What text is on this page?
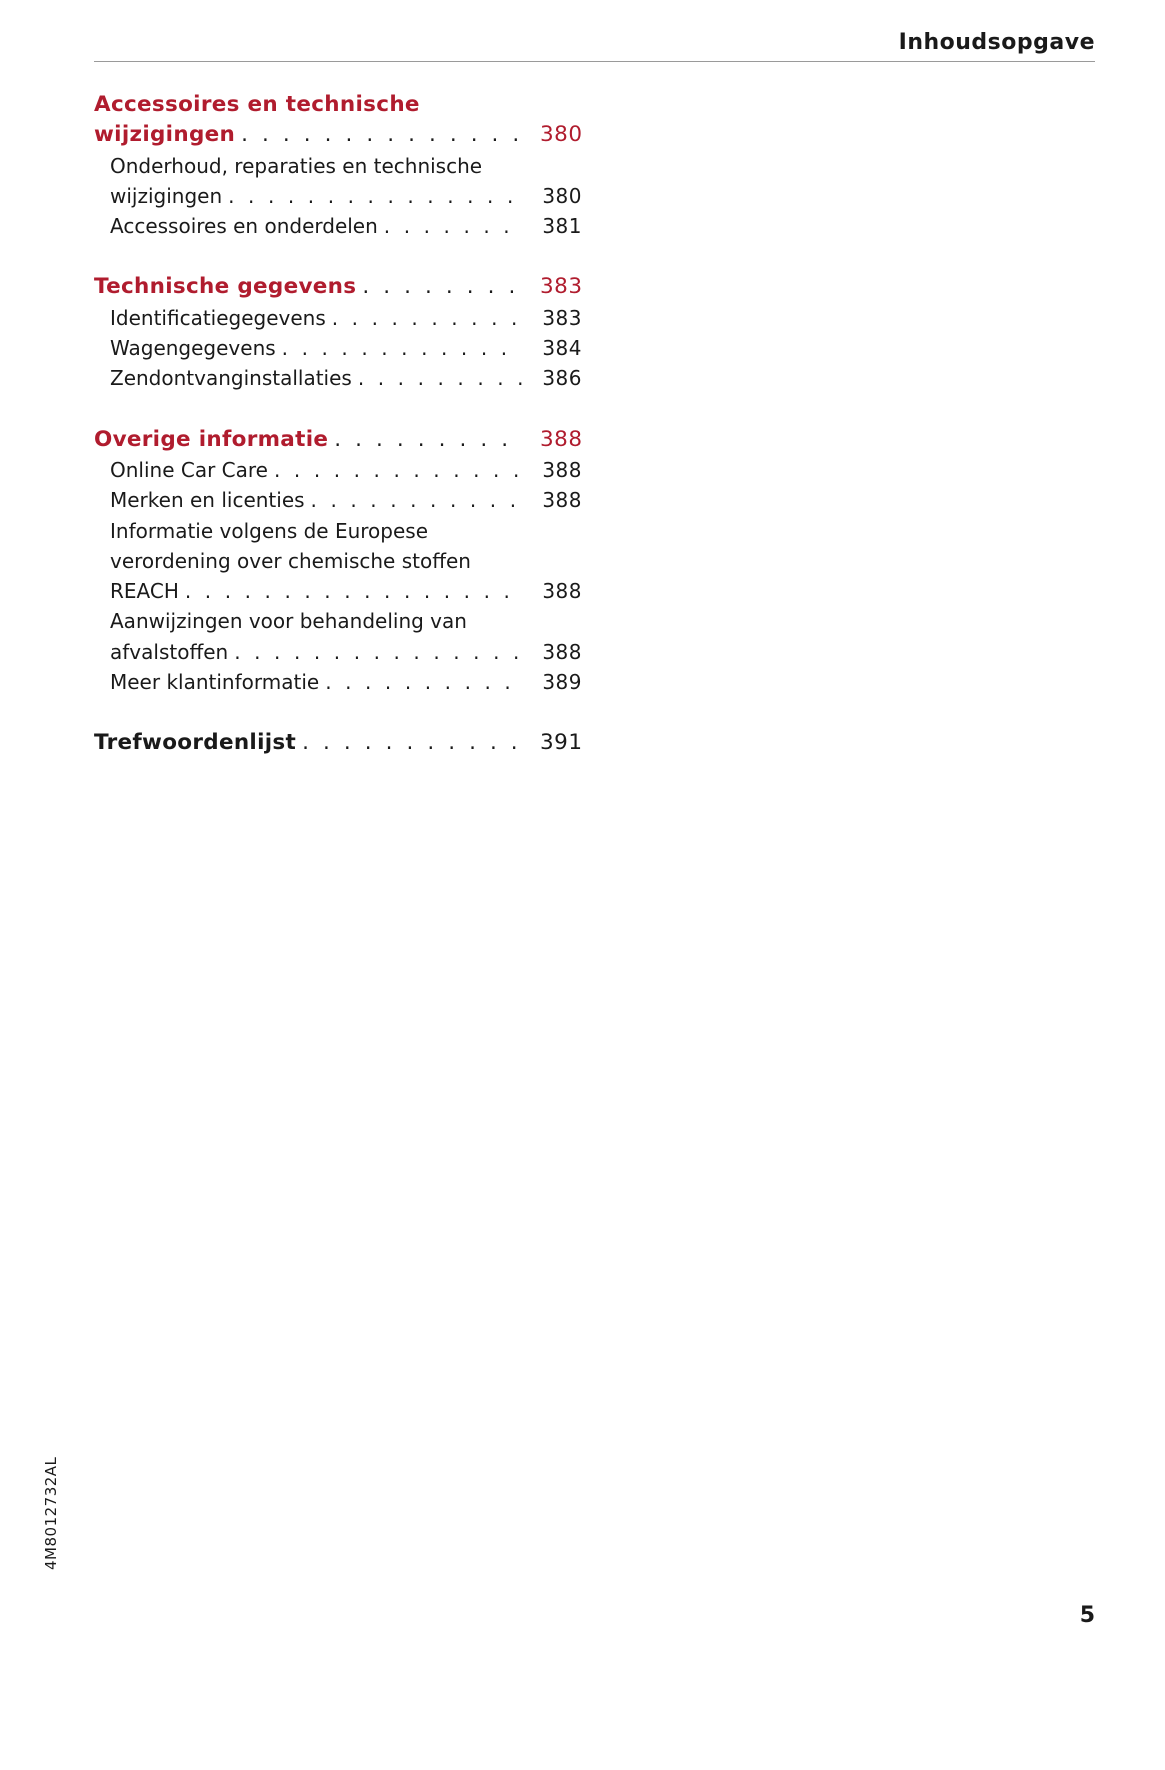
Inhoudsopgave
Accessoires en technische
wijzigingen . . .	380
Onderhoud, reparaties en technische
wijzigingen . . .	380
Accessoires en onderdelen . . .	381
Technische gegevens . . .	383
Identificatiegegevens . . .	383
Wagengegevens . . .	384
Zendontvanginstallaties . . .	386
Overige informatie . . .	388
Online Car Care . . .	388
Merken en licenties . . .	388
Informatie volgens de Europese
verordening over chemische stoffen
REACH . . .	388
Aanwijzingen voor behandeling van
afvalstoffen . . .	388
Meer klantinformatie . . .	389
Trefwoordenlijst . . .	391
4M8012732AL
5
